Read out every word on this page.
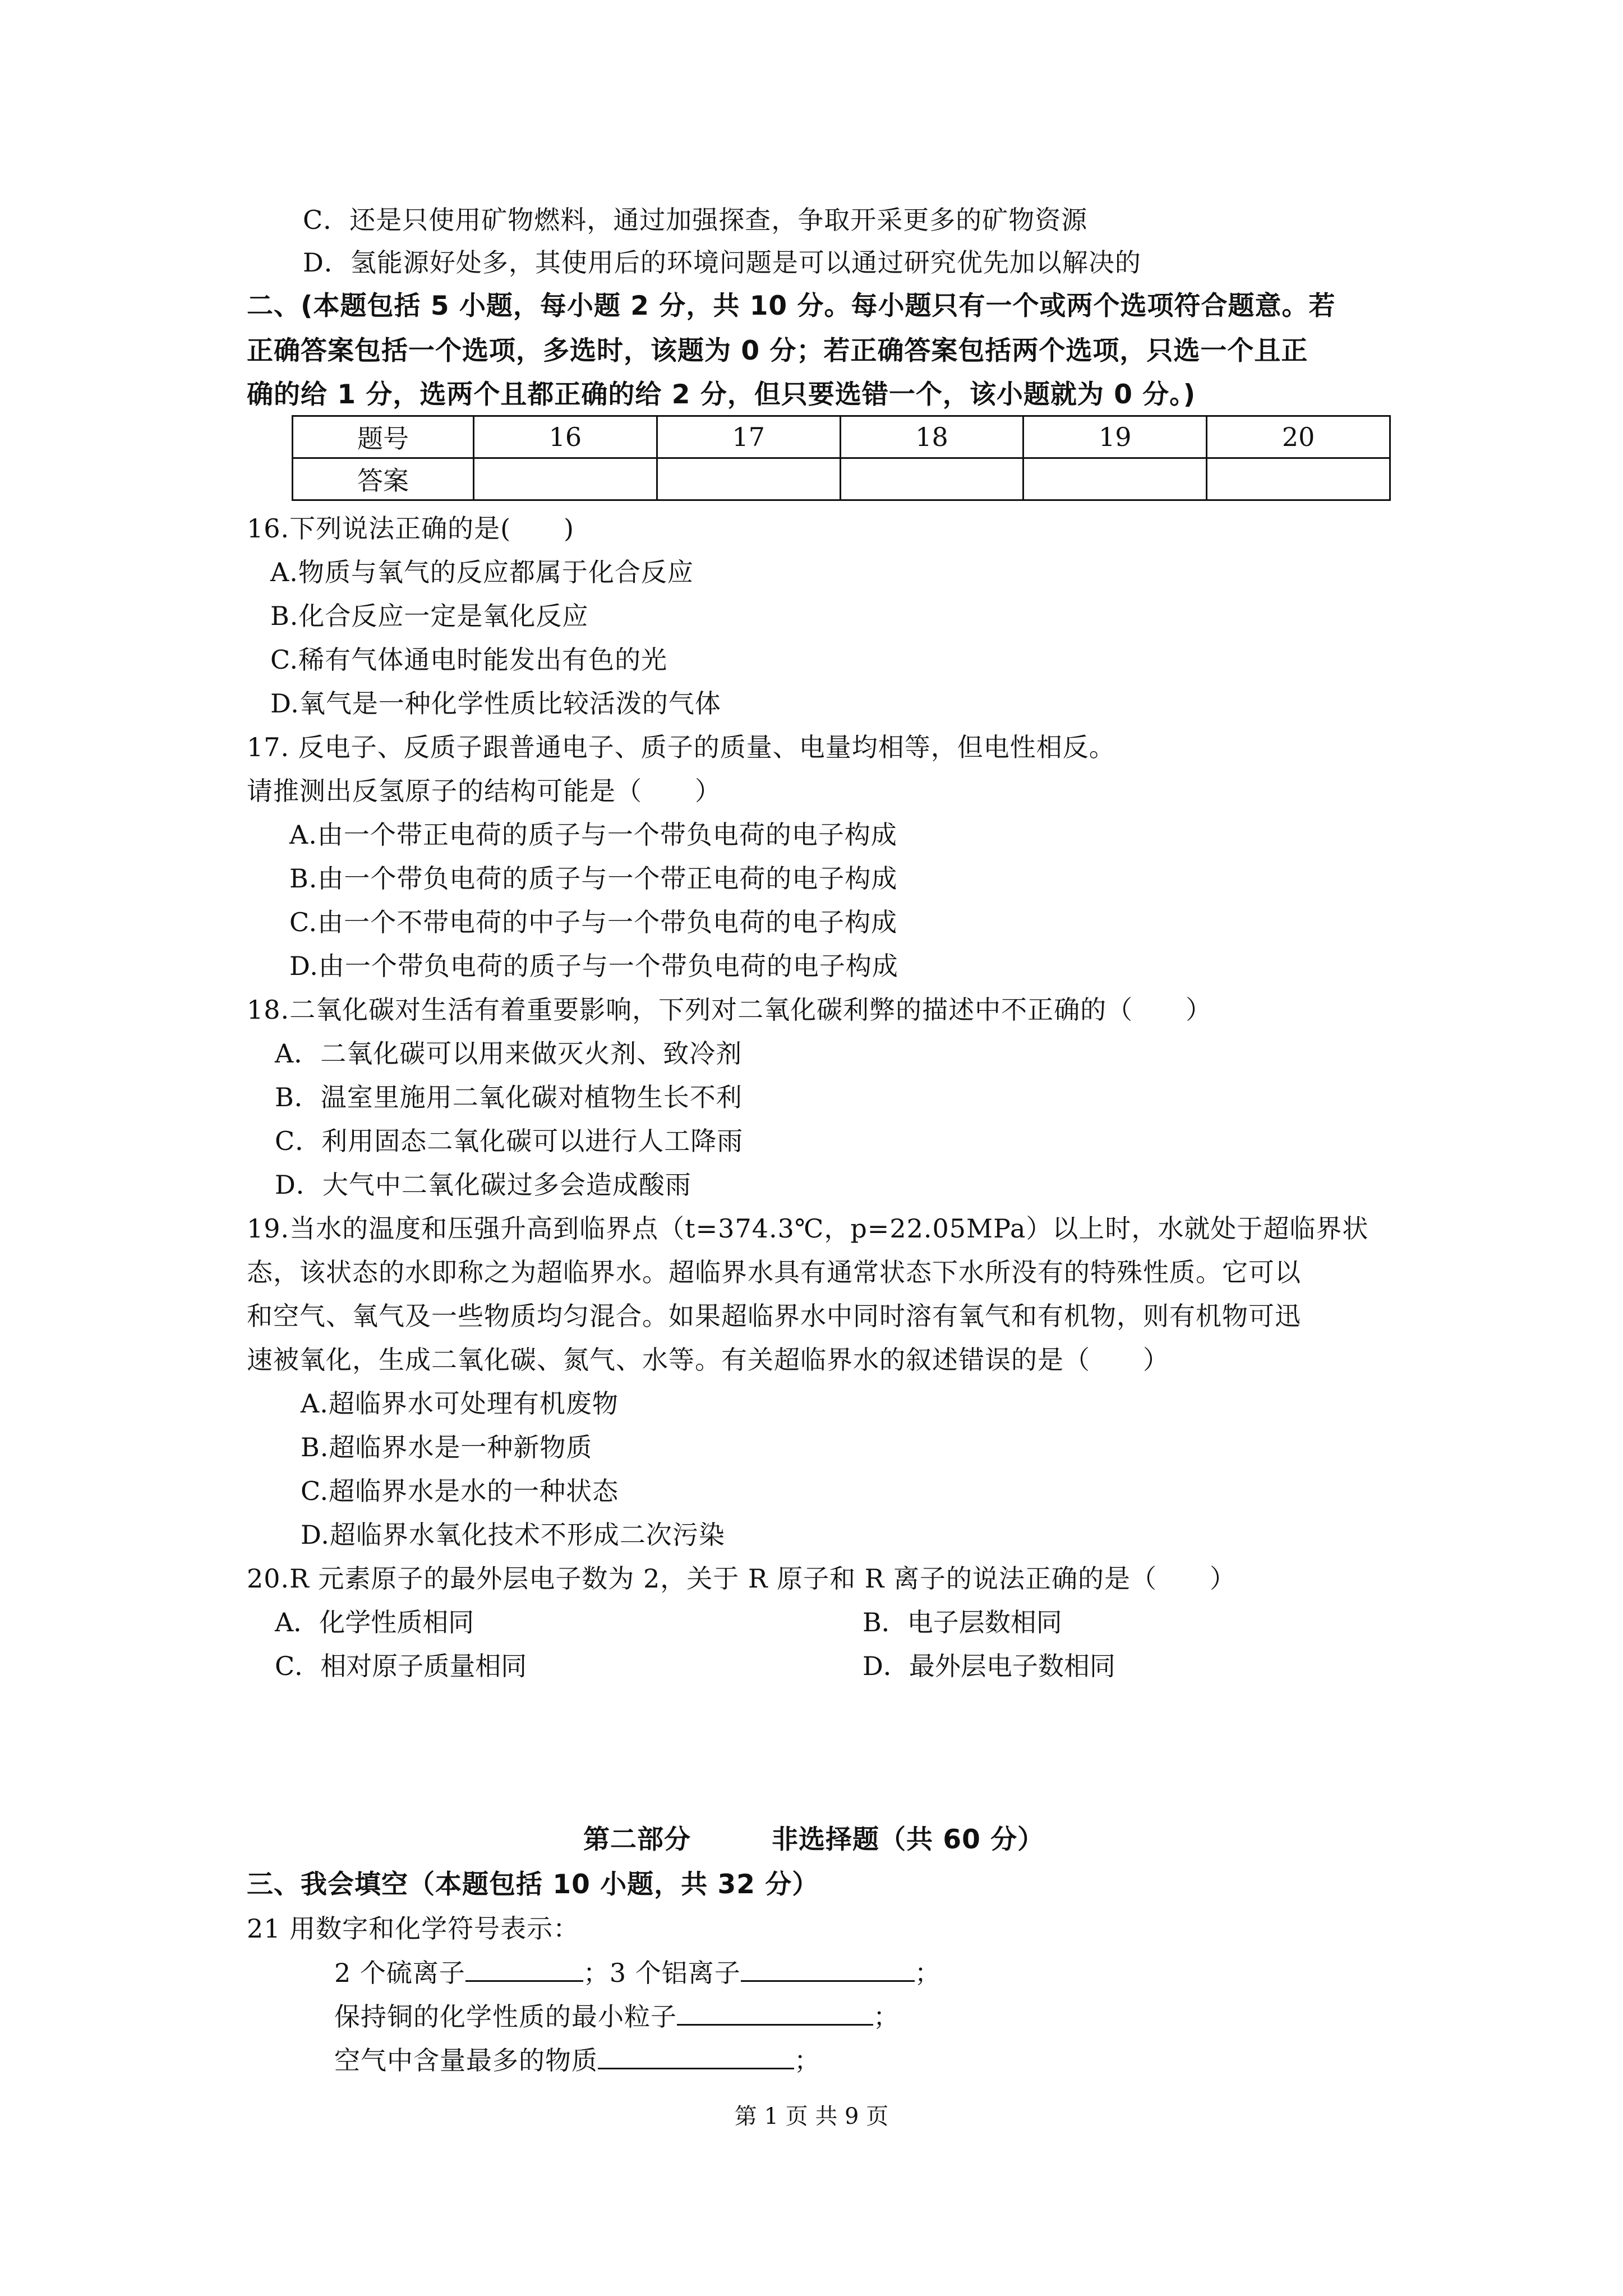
C．还是只使用矿物燃料，通过加强探查，争取开采更多的矿物资源
D．氢能源好处多，其使用后的环境问题是可以通过研究优先加以解决的
二、(本题包括 5 小题，每小题 2 分，共 10 分。每小题只有一个或两个选项符合题意。若
正确答案包括一个选项，多选时，该题为 0 分；若正确答案包括两个选项，只选一个且正
确的给 1 分，选两个且都正确的给 2 分，但只要选错一个，该小题就为 0 分。)
题号	16	17	18	19	20
答案					
16.下列说法正确的是(　　)
A.物质与氧气的反应都属于化合反应
B.化合反应一定是氧化反应
C.稀有气体通电时能发出有色的光
D.氧气是一种化学性质比较活泼的气体
17. 反电子、反质子跟普通电子、质子的质量、电量均相等，但电性相反。
请推测出反氢原子的结构可能是（　　）
A.由一个带正电荷的质子与一个带负电荷的电子构成
B.由一个带负电荷的质子与一个带正电荷的电子构成
C.由一个不带电荷的中子与一个带负电荷的电子构成
D.由一个带负电荷的质子与一个带负电荷的电子构成
18.二氧化碳对生活有着重要影响，下列对二氧化碳利弊的描述中不正确的（　　）
A．二氧化碳可以用来做灭火剂、致冷剂
B．温室里施用二氧化碳对植物生长不利
C．利用固态二氧化碳可以进行人工降雨
D．大气中二氧化碳过多会造成酸雨
19.当水的温度和压强升高到临界点（t=374.3℃，p=22.05MPa）以上时，水就处于超临界状
态，该状态的水即称之为超临界水。超临界水具有通常状态下水所没有的特殊性质。它可以
和空气、氧气及一些物质均匀混合。如果超临界水中同时溶有氧气和有机物，则有机物可迅
速被氧化，生成二氧化碳、氮气、水等。有关超临界水的叙述错误的是（　　）
A.超临界水可处理有机废物
B.超临界水是一种新物质
C.超临界水是水的一种状态
D.超临界水氧化技术不形成二次污染
20.R 元素原子的最外层电子数为 2，关于 R 原子和 R 离子的说法正确的是（　　）
A．化学性质相同	B．电子层数相同
C．相对原子质量相同	D．最外层电子数相同
第二部分　　　非选择题（共 60 分）
三、我会填空（本题包括 10 小题，共 32 分）
21 用数字和化学符号表示：
2 个硫离子	；3 个铝离子	；
保持铜的化学性质的最小粒子	；
空气中含量最多的物质	；
第 1 页 共 9 页
